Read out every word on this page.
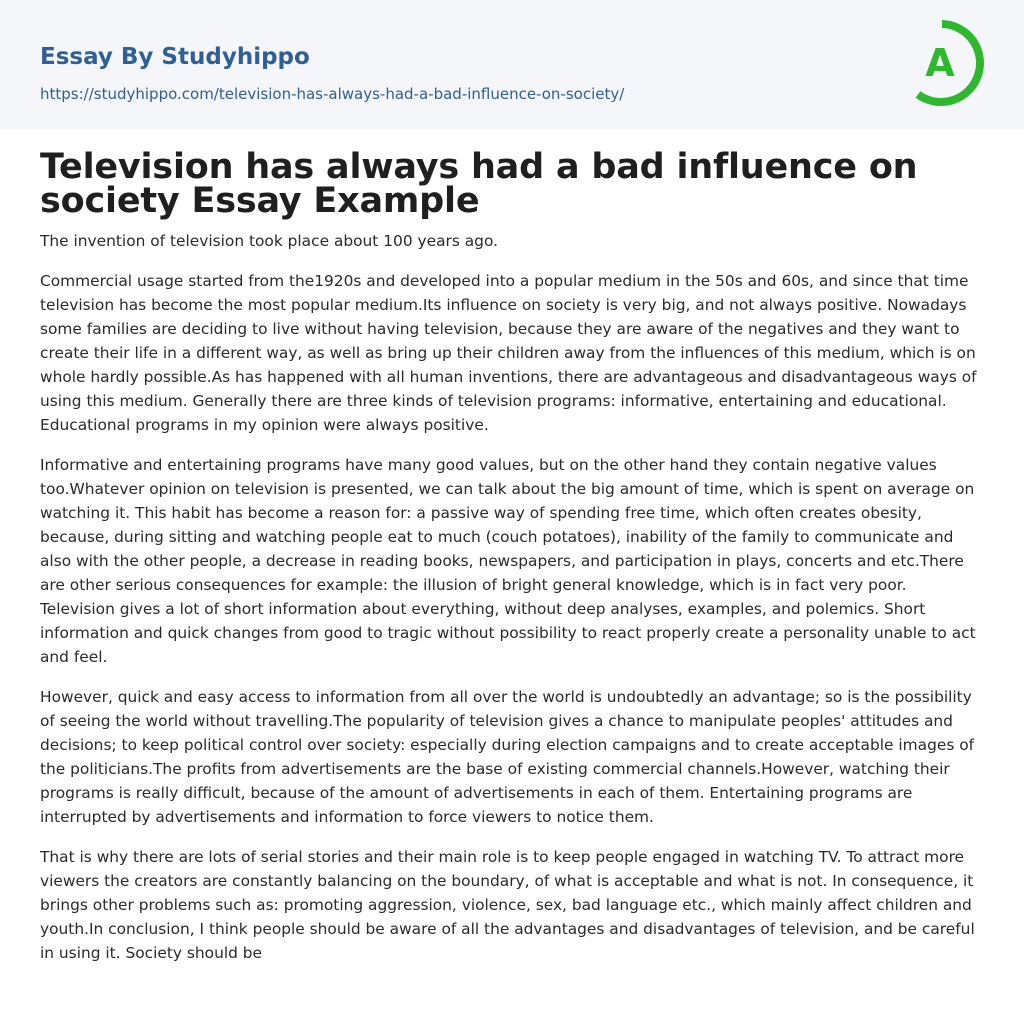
Essay By Studyhippo
https://studyhippo.com/television-has-always-had-a-bad-influence-on-society/
A
Television has always had a bad influence on society Essay Example

The invention of television took place about 100 years ago.

Commercial usage started from the1920s and developed into a popular medium in the 50s and 60s, and since that time television has become the most popular medium.Its influence on society is very big, and not always positive. Nowadays some families are deciding to live without having television, because they are aware of the negatives and they want to create their life in a different way, as well as bring up their children away from the influences of this medium, which is on whole hardly possible.As has happened with all human inventions, there are advantageous and disadvantageous ways of using this medium. Generally there are three kinds of television programs: informative, entertaining and educational. Educational programs in my opinion were always positive.

Informative and entertaining programs have many good values, but on the other hand they contain negative values too.Whatever opinion on television is presented, we can talk about the big amount of time, which is spent on average on watching it. This habit has become a reason for: a passive way of spending free time, which often creates obesity, because, during sitting and watching people eat to much (couch potatoes), inability of the family to communicate and also with the other people, a decrease in reading books, newspapers, and participation in plays, concerts and etc.There are other serious consequences for example: the illusion of bright general knowledge, which is in fact very poor. Television gives a lot of short information about everything, without deep analyses, examples, and polemics. Short information and quick changes from good to tragic without possibility to react properly create a personality unable to act and feel.

However, quick and easy access to information from all over the world is undoubtedly an advantage; so is the possibility of seeing the world without travelling.The popularity of television gives a chance to manipulate peoples' attitudes and decisions; to keep political control over society: especially during election campaigns and to create acceptable images of the politicians.The profits from advertisements are the base of existing commercial channels.However, watching their programs is really difficult, because of the amount of advertisements in each of them. Entertaining programs are interrupted by advertisements and information to force viewers to notice them.

That is why there are lots of serial stories and their main role is to keep people engaged in watching TV. To attract more viewers the creators are constantly balancing on the boundary, of what is acceptable and what is not. In consequence, it brings other problems such as: promoting aggression, violence, sex, bad language etc., which mainly affect children and youth.In conclusion, I think people should be aware of all the advantages and disadvantages of television, and be careful in using it. Society should be
